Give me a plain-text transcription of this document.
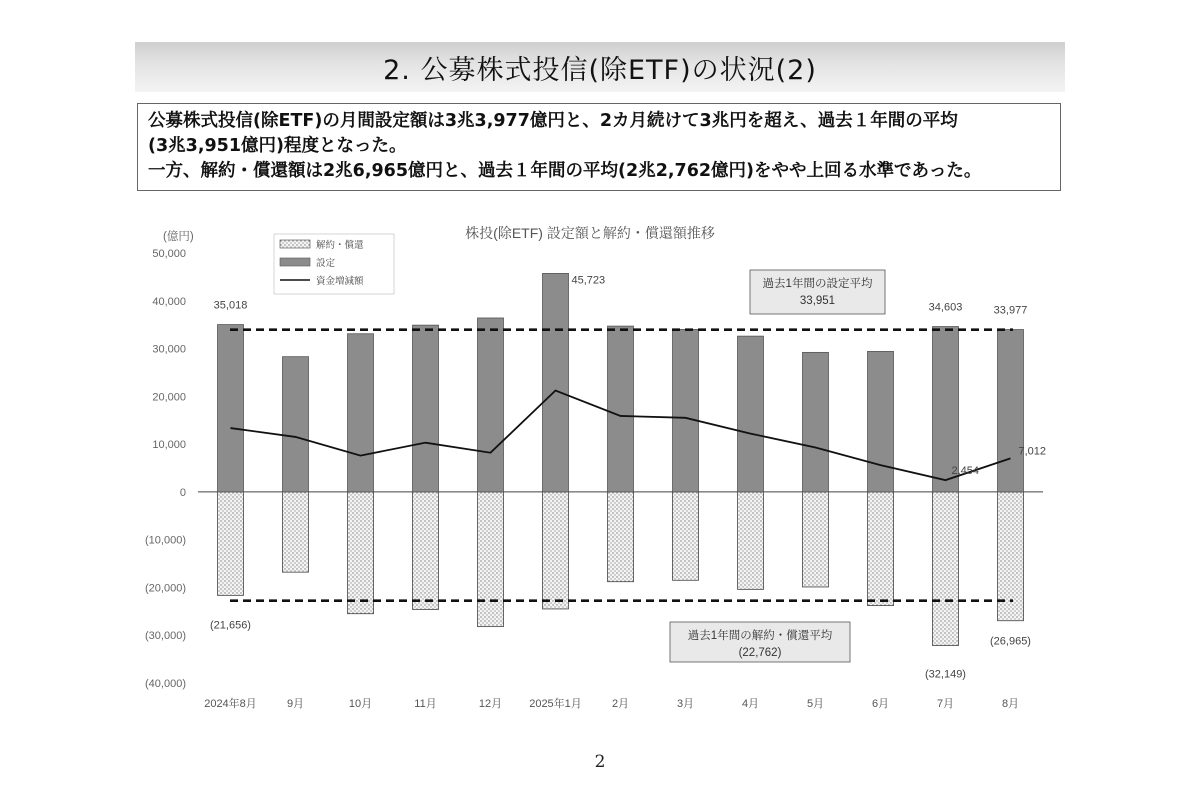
2. 公募株式投信(除ETF)の状況(2)

公募株式投信(除ETF)の月間設定額は3兆3,977億円と、2カ月続けて3兆円を超え、過去１年間の平均

(3兆3,951億円)程度となった。

一方、解約・償還額は2兆6,965億円と、過去１年間の平均(2兆2,762億円)をやや上回る水準であった。

(億円)
50,000
40,000
30,000
20,000
10,000
0
(10,000)
(20,000)
(30,000)
(40,000)
2024年8月	9月	10月	11月	12月 2025年1月	2月	3月	4月	5月	6月	7月	8月
過去1年間の設定平均
33,951
過去1年間の解約・償還平均
(22,762)
35,018
45,723
34,603	33,977
(21,656)
(32,149)
(26,965)
2,454
7,012
解約・償還
設定
資金増減額
株投(除ETF) 設定額と解約・償還額推移
2
